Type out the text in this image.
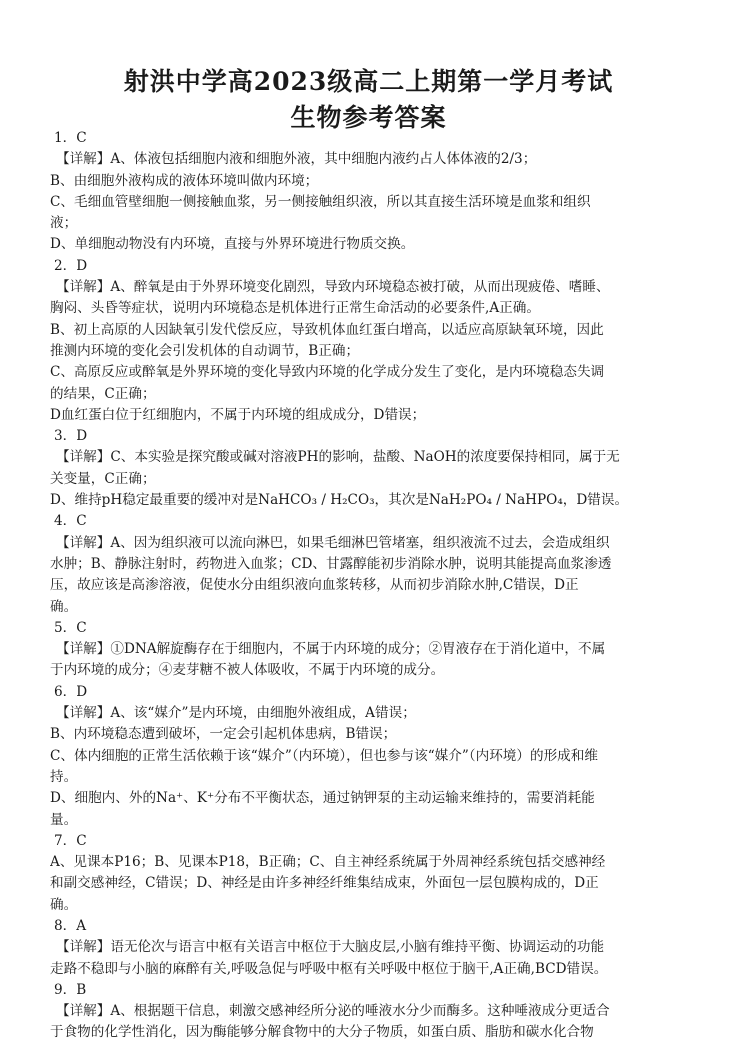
射洪中学高2023级高二上期第一学月考试
生物参考答案
1．C
【详解】A、体液包括细胞内液和细胞外液，其中细胞内液约占人体体液的2/3；
B、由细胞外液构成的液体环境叫做内环境；
C、毛细血管壁细胞一侧接触血浆，另一侧接触组织液，所以其直接生活环境是血浆和组织
液；
D、单细胞动物没有内环境，直接与外界环境进行物质交换。
2．D
【详解】A、醉氧是由于外界环境变化剧烈，导致内环境稳态被打破，从而出现疲倦、嗜睡、
胸闷、头昏等症状，说明内环境稳态是机体进行正常生命活动的必要条件,A正确。
B、初上高原的人因缺氧引发代偿反应，导致机体血红蛋白增高，以适应高原缺氧环境，因此
推测内环境的变化会引发机体的自动调节，B正确；
C、高原反应或醉氧是外界环境的变化导致内环境的化学成分发生了变化，是内环境稳态失调
的结果，C正确；
D血红蛋白位于红细胞内，不属于内环境的组成成分，D错误；
3．D
【详解】C、本实验是探究酸或碱对溶液PH的影响，盐酸、NaOH的浓度要保持相同，属于无
关变量，C正确；
D、维持pH稳定最重要的缓冲对是NaHCO₃ / H₂CO₃，其次是NaH₂PO₄ / NaHPO₄，D错误。
4．C
【详解】A、因为组织液可以流向淋巴，如果毛细淋巴管堵塞，组织液流不过去，会造成组织
水肿；B、静脉注射时，药物进入血浆；CD、甘露醇能初步消除水肿，说明其能提高血浆渗透
压，故应该是高渗溶液，促使水分由组织液向血浆转移，从而初步消除水肿,C错误，D正
确。
5．C
【详解】①DNA解旋酶存在于细胞内，不属于内环境的成分；②胃液存在于消化道中，不属
于内环境的成分；④麦芽糖不被人体吸收，不属于内环境的成分。
6．D
【详解】A、该“媒介”是内环境，由细胞外液组成，A错误；
B、内环境稳态遭到破坏，一定会引起机体患病，B错误；
C、体内细胞的正常生活依赖于该“媒介”（内环境），但也参与该“媒介”（内环境）的形成和维
持。
D、细胞内、外的Na⁺、K⁺分布不平衡状态，通过钠钾泵的主动运输来维持的，需要消耗能
量。
7．C
A、见课本P16；B、见课本P18，B正确；C、自主神经系统属于外周神经系统包括交感神经
和副交感神经，C错误；D、神经是由许多神经纤维集结成束，外面包一层包膜构成的，D正
确。
8．A
【详解】语无伦次与语言中枢有关语言中枢位于大脑皮层,小脑有维持平衡、协调运动的功能
走路不稳即与小脑的麻醉有关,呼吸急促与呼吸中枢有关呼吸中枢位于脑干,A正确,BCD错误。
9．B
【详解】A、根据题干信息，刺激交感神经所分泌的唾液水分少而酶多。这种唾液成分更适合
于食物的化学性消化，因为酶能够分解食物中的大分子物质，如蛋白质、脂肪和碳水化合物
